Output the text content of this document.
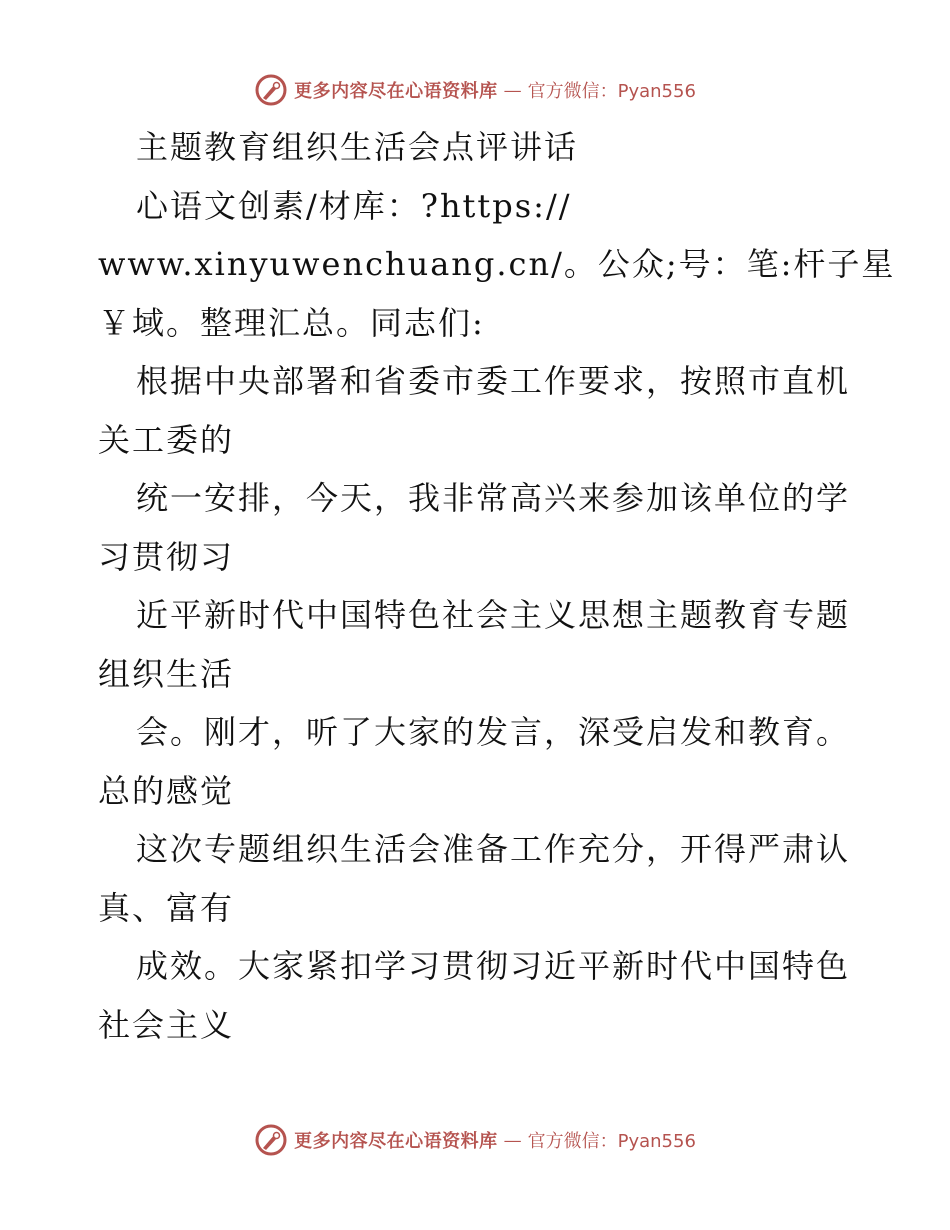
更多内容尽在心语资料库 — 官方微信：Pyan556
主题教育组织生活会点评讲话
心语文创素/材库：?https://
www.xinyuwenchuang.cn/。公众;号：笔:杆子星
￥域。整理汇总。同志们:
根据中央部署和省委市委工作要求，按照市直机
关工委的
统一安排，今天，我非常高兴来参加该单位的学
习贯彻习
近平新时代中国特色社会主义思想主题教育专题
组织生活
会。刚才，听了大家的发言，深受启发和教育。
总的感觉
这次专题组织生活会准备工作充分，开得严肃认
真、富有
成效。大家紧扣学习贯彻习近平新时代中国特色
社会主义
更多内容尽在心语资料库 — 官方微信：Pyan556
